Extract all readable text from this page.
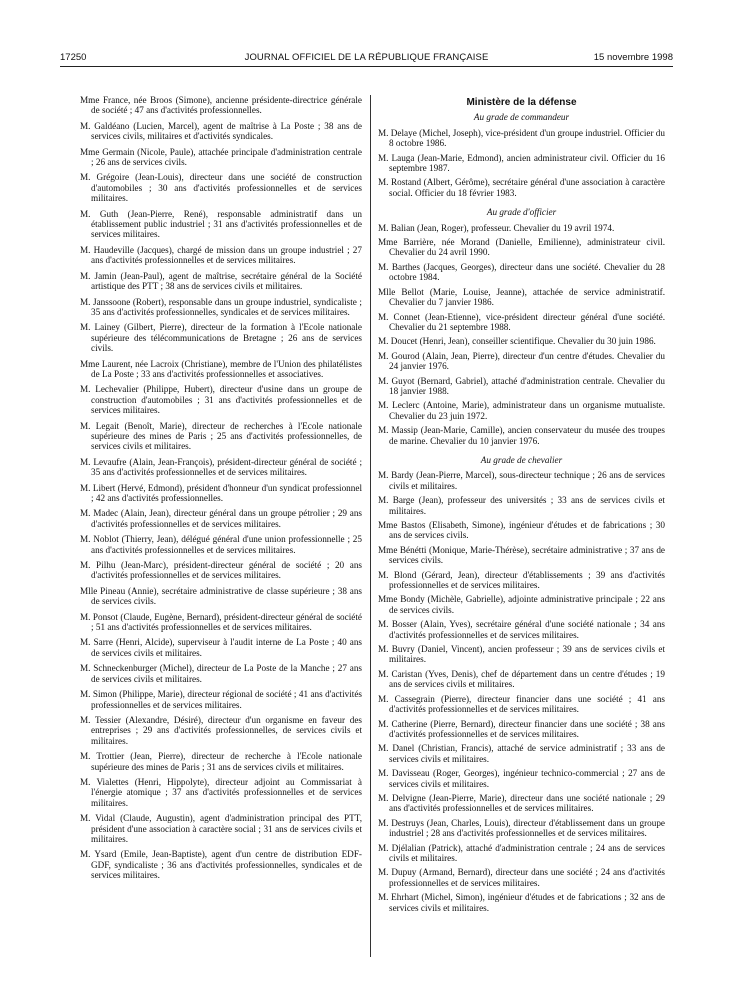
17250	JOURNAL OFFICIEL DE LA RÉPUBLIQUE FRANÇAISE	15 novembre 1998

Mme France, née Broos (Simone), ancienne présidente-directrice générale de société ; 47 ans d'activités professionnelles.

M. Galdéano (Lucien, Marcel), agent de maîtrise à La Poste ; 38 ans de services civils, militaires et d'activités syndicales.

Mme Germain (Nicole, Paule), attachée principale d'administration centrale ; 26 ans de services civils.

M. Grégoire (Jean-Louis), directeur dans une société de construction d'automobiles ; 30 ans d'activités professionnelles et de services militaires.

M. Guth (Jean-Pierre, René), responsable administratif dans un établissement public industriel ; 31 ans d'activités professionnelles et de services militaires.

M. Haudeville (Jacques), chargé de mission dans un groupe industriel ; 27 ans d'activités professionnelles et de services militaires.

M. Jamin (Jean-Paul), agent de maîtrise, secrétaire général de la Société artistique des PTT ; 38 ans de services civils et militaires.

M. Janssoone (Robert), responsable dans un groupe industriel, syndicaliste ; 35 ans d'activités professionnelles, syndicales et de services militaires.

M. Lainey (Gilbert, Pierre), directeur de la formation à l'Ecole nationale supérieure des télécommunications de Bretagne ; 26 ans de services civils.

Mme Laurent, née Lacroix (Christiane), membre de l'Union des philatélistes de La Poste ; 33 ans d'activités professionnelles et associatives.

M. Lechevalier (Philippe, Hubert), directeur d'usine dans un groupe de construction d'automobiles ; 31 ans d'activités professionnelles et de services militaires.

M. Legait (Benoît, Marie), directeur de recherches à l'Ecole nationale supérieure des mines de Paris ; 25 ans d'activités professionnelles, de services civils et militaires.

M. Levaufre (Alain, Jean-François), président-directeur général de société ; 35 ans d'activités professionnelles et de services militaires.

M. Libert (Hervé, Edmond), président d'honneur d'un syndicat professionnel ; 42 ans d'activités professionnelles.

M. Madec (Alain, Jean), directeur général dans un groupe pétrolier ; 29 ans d'activités professionnelles et de services militaires.

M. Noblot (Thierry, Jean), délégué général d'une union professionnelle ; 25 ans d'activités professionnelles et de services militaires.

M. Pilhu (Jean-Marc), président-directeur général de société ; 20 ans d'activités professionnelles et de services militaires.

Mlle Pineau (Annie), secrétaire administrative de classe supérieure ; 38 ans de services civils.

M. Ponsot (Claude, Eugène, Bernard), président-directeur général de société ; 51 ans d'activités professionnelles et de services militaires.

M. Sarre (Henri, Alcide), superviseur à l'audit interne de La Poste ; 40 ans de services civils et militaires.

M. Schneckenburger (Michel), directeur de La Poste de la Manche ; 27 ans de services civils et militaires.

M. Simon (Philippe, Marie), directeur régional de société ; 41 ans d'activités professionnelles et de services militaires.

M. Tessier (Alexandre, Désiré), directeur d'un organisme en faveur des entreprises ; 29 ans d'activités professionnelles, de services civils et militaires.

M. Trottier (Jean, Pierre), directeur de recherche à l'Ecole nationale supérieure des mines de Paris ; 31 ans de services civils et militaires.

M. Vialettes (Henri, Hippolyte), directeur adjoint au Commissariat à l'énergie atomique ; 37 ans d'activités professionnelles et de services militaires.

M. Vidal (Claude, Augustin), agent d'administration principal des PTT, président d'une association à caractère social ; 31 ans de services civils et militaires.

M. Ysard (Emile, Jean-Baptiste), agent d'un centre de distribution EDF-GDF, syndicaliste ; 36 ans d'activités professionnelles, syndicales et de services militaires.

Ministère de la défense
Au grade de commandeur

M. Delaye (Michel, Joseph), vice-président d'un groupe industriel. Officier du 8 octobre 1986.

M. Lauga (Jean-Marie, Edmond), ancien administrateur civil. Officier du 16 septembre 1987.

M. Rostand (Albert, Gérôme), secrétaire général d'une association à caractère social. Officier du 18 février 1983.

Au grade d'officier

M. Balian (Jean, Roger), professeur. Chevalier du 19 avril 1974.

Mme Barrière, née Morand (Danielle, Emilienne), administrateur civil. Chevalier du 24 avril 1990.

M. Barthes (Jacques, Georges), directeur dans une société. Chevalier du 28 octobre 1984.

Mlle Bellot (Marie, Louise, Jeanne), attachée de service administratif. Chevalier du 7 janvier 1986.

M. Connet (Jean-Etienne), vice-président directeur général d'une société. Chevalier du 21 septembre 1988.

M. Doucet (Henri, Jean), conseiller scientifique. Chevalier du 30 juin 1986.

M. Gourod (Alain, Jean, Pierre), directeur d'un centre d'études. Chevalier du 24 janvier 1976.

M. Guyot (Bernard, Gabriel), attaché d'administration centrale. Chevalier du 18 janvier 1988.

M. Leclerc (Antoine, Marie), administrateur dans un organisme mutualiste. Chevalier du 23 juin 1972.

M. Massip (Jean-Marie, Camille), ancien conservateur du musée des troupes de marine. Chevalier du 10 janvier 1976.

Au grade de chevalier

M. Bardy (Jean-Pierre, Marcel), sous-directeur technique ; 26 ans de services civils et militaires.

M. Barge (Jean), professeur des universités ; 33 ans de services civils et militaires.

Mme Bastos (Elisabeth, Simone), ingénieur d'études et de fabrications ; 30 ans de services civils.

Mme Bénétti (Monique, Marie-Thérèse), secrétaire administrative ; 37 ans de services civils.

M. Blond (Gérard, Jean), directeur d'établissements ; 39 ans d'activités professionnelles et de services militaires.

Mme Bondy (Michèle, Gabrielle), adjointe administrative principale ; 22 ans de services civils.

M. Bosser (Alain, Yves), secrétaire général d'une société nationale ; 34 ans d'activités professionnelles et de services militaires.

M. Buvry (Daniel, Vincent), ancien professeur ; 39 ans de services civils et militaires.

M. Caristan (Yves, Denis), chef de département dans un centre d'études ; 19 ans de services civils et militaires.

M. Cassegrain (Pierre), directeur financier dans une société ; 41 ans d'activités professionnelles et de services militaires.

M. Catherine (Pierre, Bernard), directeur financier dans une société ; 38 ans d'activités professionnelles et de services militaires.

M. Danel (Christian, Francis), attaché de service administratif ; 33 ans de services civils et militaires.

M. Davisseau (Roger, Georges), ingénieur technico-commercial ; 27 ans de services civils et militaires.

M. Delvigne (Jean-Pierre, Marie), directeur dans une société nationale ; 29 ans d'activités professionnelles et de services militaires.

M. Destruys (Jean, Charles, Louis), directeur d'établissement dans un groupe industriel ; 28 ans d'activités professionnelles et de services militaires.

M. Djélalian (Patrick), attaché d'administration centrale ; 24 ans de services civils et militaires.

M. Dupuy (Armand, Bernard), directeur dans une société ; 24 ans d'activités professionnelles et de services militaires.

M. Ehrhart (Michel, Simon), ingénieur d'études et de fabrications ; 32 ans de services civils et militaires.
